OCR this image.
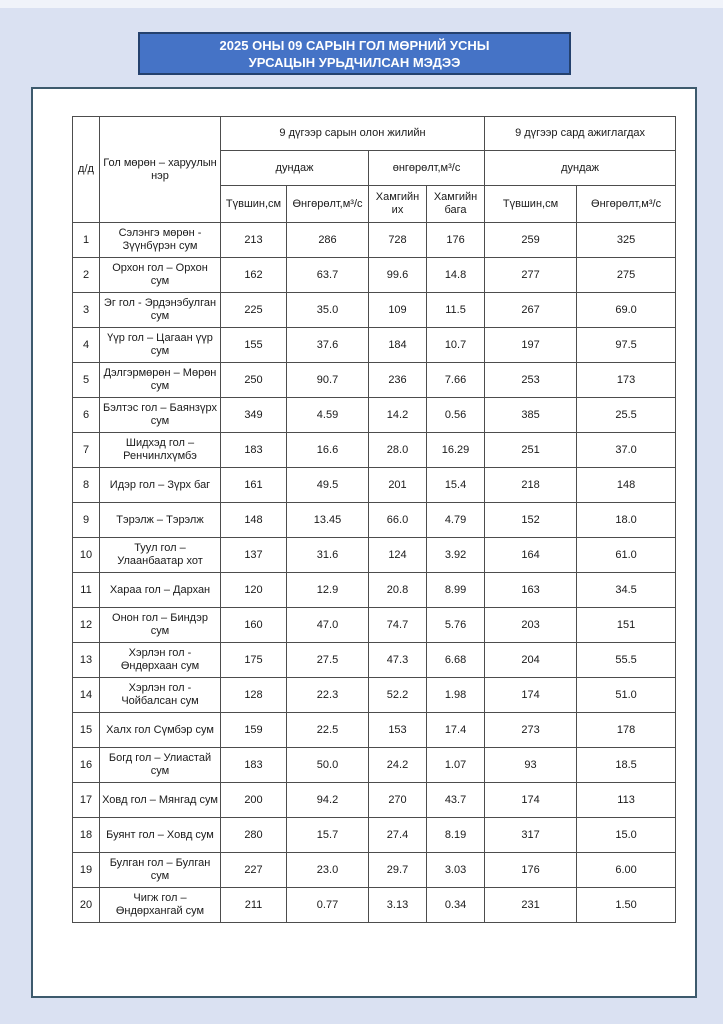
2025 ОНЫ 09 САРЫН ГОЛ МӨРНИЙ УСНЫ
УРСАЦЫН УРЬДЧИЛСАН МЭДЭЭ
д/д	Гол мөрөн – харуулын нэр	9 дүгээр сарын олон жилийн				9 дүгээр сард ажиглагдах	
		дундаж		өнгөрөлт,м³/с		дундаж	
		Түвшин,см	Өнгөрөлт,м³/с	Хамгийн их	Хамгийн бага	Түвшин,см	Өнгөрөлт,м³/с
1	Сэлэнгэ мөрөн - Зүүнбүрэн сум	213	286	728	176	259	325
2	Орхон гол – Орхон сум	162	63.7	99.6	14.8	277	275
3	Эг гол - Эрдэнэбулган сум	225	35.0	109	11.5	267	69.0
4	Үүр гол – Цагаан үүр сум	155	37.6	184	10.7	197	97.5
5	Дэлгэрмөрөн – Мөрөн сум	250	90.7	236	7.66	253	173
6	Бэлтэс гол – Баянзүрх сум	349	4.59	14.2	0.56	385	25.5
7	Шидхэд гол – Ренчинлхүмбэ	183	16.6	28.0	16.29	251	37.0
8	Идэр гол – Зүрх баг	161	49.5	201	15.4	218	148
9	Тэрэлж – Тэрэлж	148	13.45	66.0	4.79	152	18.0
10	Туул гол – Улаанбаатар хот	137	31.6	124	3.92	164	61.0
11	Хараа гол – Дархан	120	12.9	20.8	8.99	163	34.5
12	Онон гол – Биндэр сум	160	47.0	74.7	5.76	203	151
13	Хэрлэн гол - Өндөрхаан сум	175	27.5	47.3	6.68	204	55.5
14	Хэрлэн гол - Чойбалсан сум	128	22.3	52.2	1.98	174	51.0
15	Халх гол Сүмбэр сум	159	22.5	153	17.4	273	178
16	Богд гол – Улиастай сум	183	50.0	24.2	1.07	93	18.5
17	Ховд гол – Мянгад сум	200	94.2	270	43.7	174	113
18	Буянт гол – Ховд сум	280	15.7	27.4	8.19	317	15.0
19	Булган гол – Булган сум	227	23.0	29.7	3.03	176	6.00
20	Чигж гол – Өндөрхангай сум	211	0.77	3.13	0.34	231	1.50
